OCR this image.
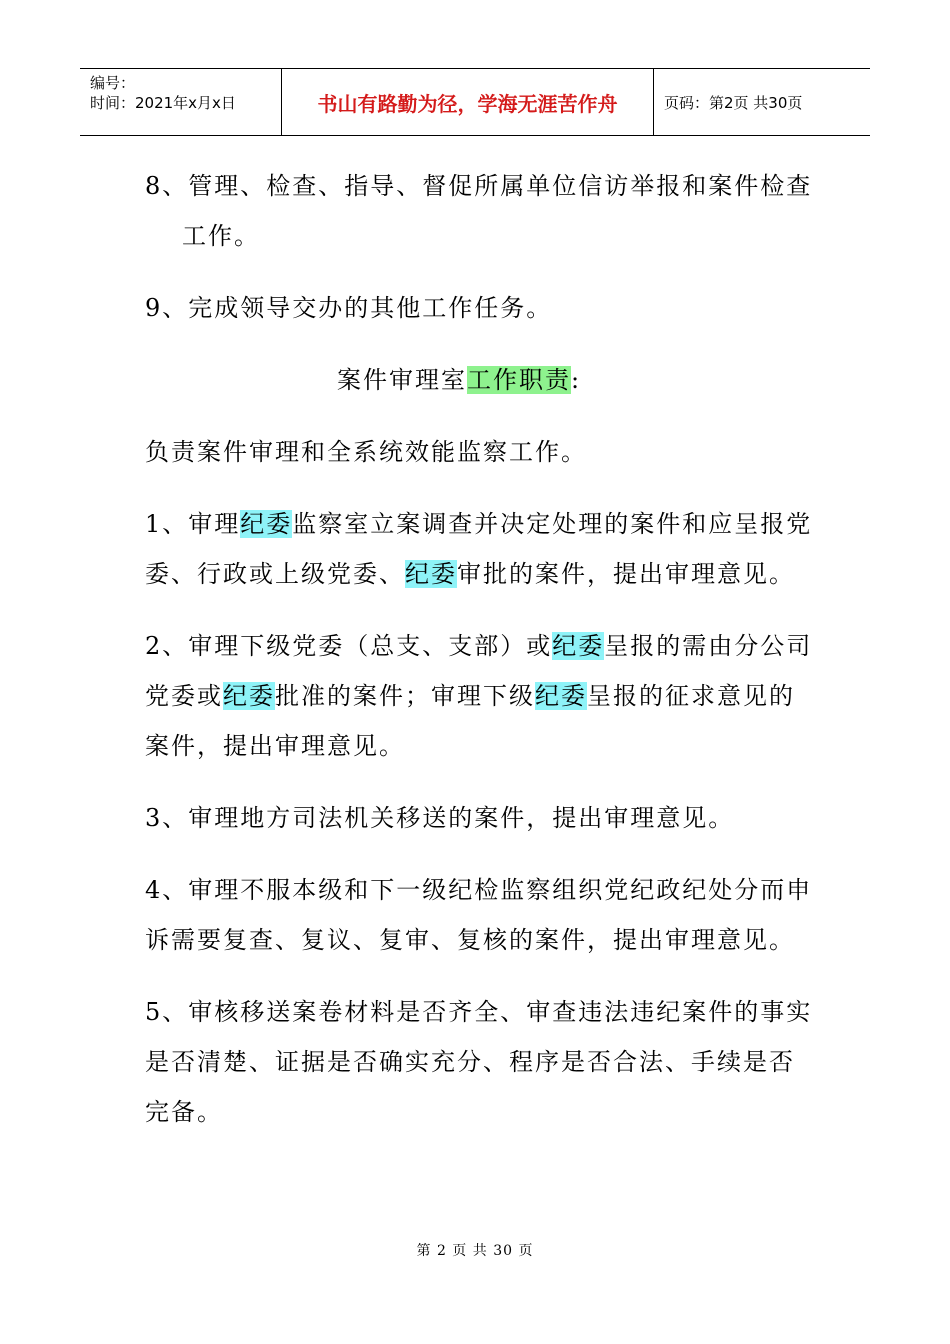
编号：
时间：2021年x月x日	书山有路勤为径，学海无涯苦作舟	页码：第2页 共30页
8、管理、检查、指导、督促所属单位信访举报和案件检查
工作。
9、完成领导交办的其他工作任务。
案件审理室工作职责:
负责案件审理和全系统效能监察工作。
1、审理纪委监察室立案调查并决定处理的案件和应呈报党
委、行政或上级党委、纪委审批的案件，提出审理意见。
2、审理下级党委（总支、支部）或纪委呈报的需由分公司
党委或纪委批准的案件；审理下级纪委呈报的征求意见的
案件，提出审理意见。
3、审理地方司法机关移送的案件，提出审理意见。
4、审理不服本级和下一级纪检监察组织党纪政纪处分而申
诉需要复查、复议、复审、复核的案件，提出审理意见。
5、审核移送案卷材料是否齐全、审查违法违纪案件的事实
是否清楚、证据是否确实充分、程序是否合法、手续是否
完备。
第 2 页 共 30 页
